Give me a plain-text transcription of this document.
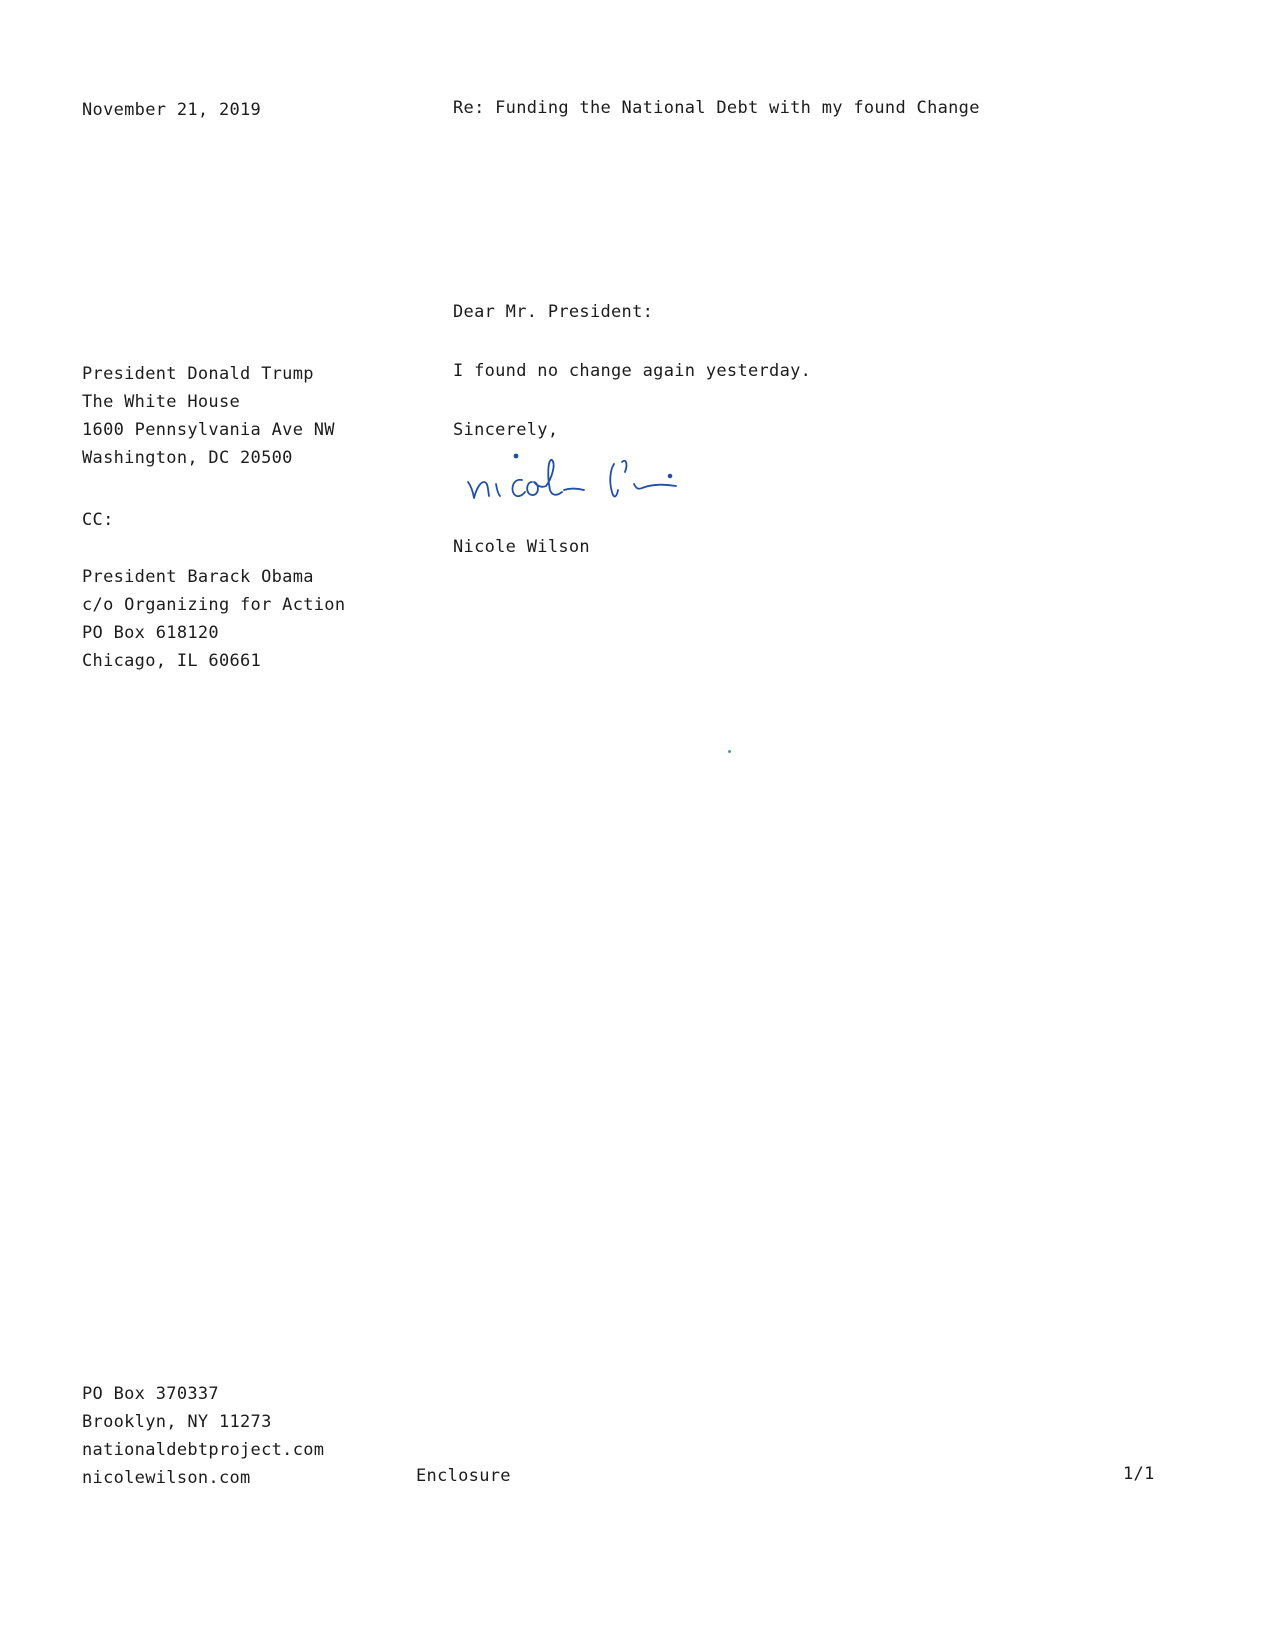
November 21, 2019	Re: Funding the National Debt with my found Change
Dear Mr. President:
President Donald Trump
The White House
1600 Pennsylvania Ave NW
Washington, DC 20500
I found no change again yesterday.
Sincerely,
Nicole Wilson
CC:
President Barack Obama
c/o Organizing for Action
PO Box 618120
Chicago, IL 60661
PO Box 370337
Brooklyn, NY 11273
nationaldebtproject.com
nicolewilson.com	Enclosure	1/1
